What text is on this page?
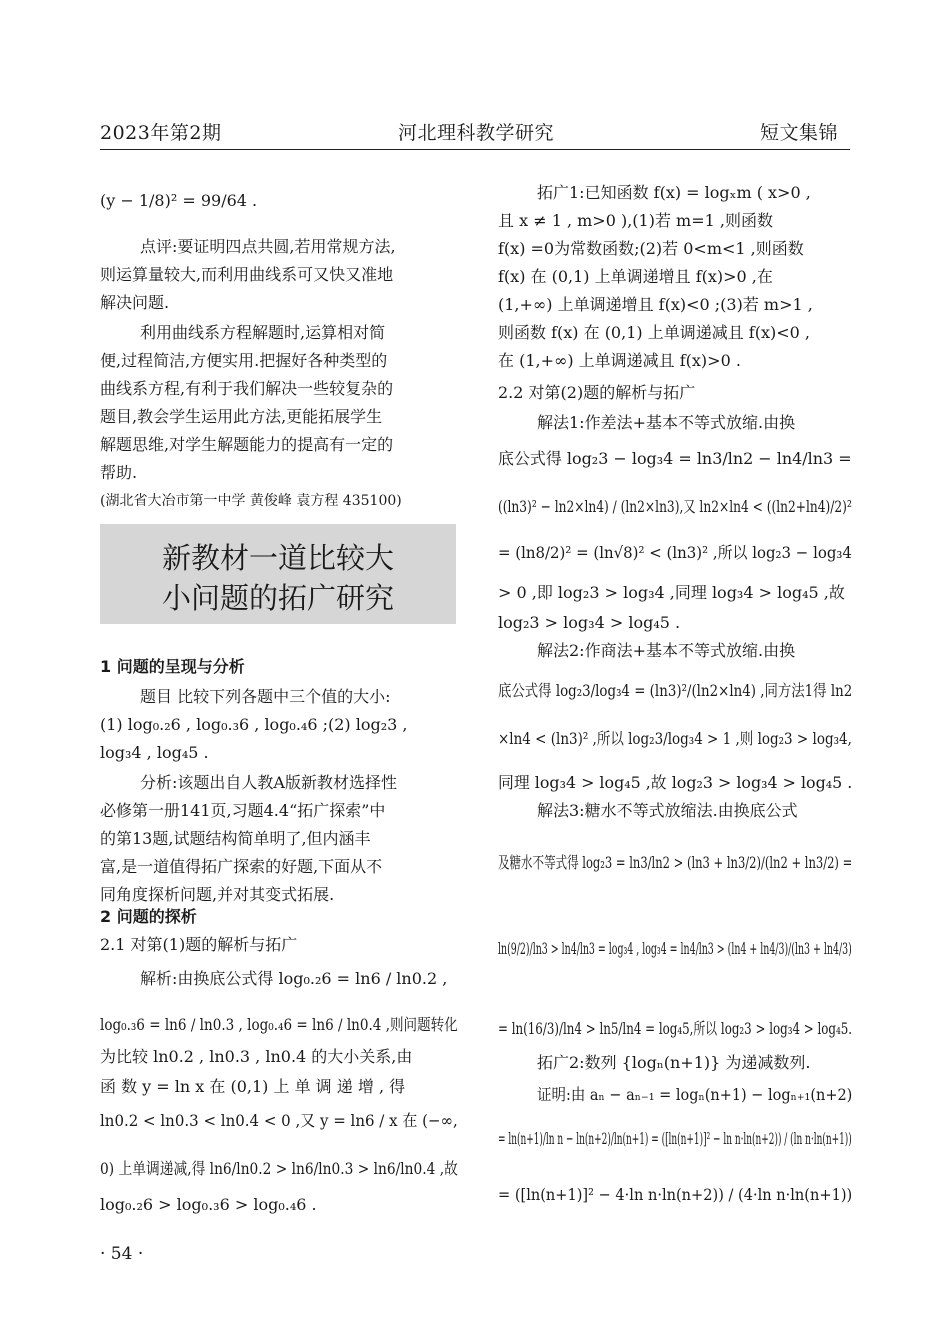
2023年第2期	河北理科教学研究	短文集锦
(y − 1/8)² = 99/64 .
点评:要证明四点共圆,若用常规方法,
则运算量较大,而利用曲线系可又快又准地
解决问题.
利用曲线系方程解题时,运算相对简
便,过程简洁,方便实用.把握好各种类型的
曲线系方程,有利于我们解决一些较复杂的
题目,教会学生运用此方法,更能拓展学生
解题思维,对学生解题能力的提高有一定的
帮助.
(湖北省大冶市第一中学 黄俊峰 袁方程 435100)
新教材一道比较大
小问题的拓广研究
1 问题的呈现与分析
题目 比较下列各题中三个值的大小:
(1) log₀.₂6 , log₀.₃6 , log₀.₄6 ;(2) log₂3 ,
log₃4 , log₄5 .
分析:该题出自人教A版新教材选择性
必修第一册141页,习题4.4“拓广探索”中
的第13题,试题结构简单明了,但内涵丰
富,是一道值得拓广探索的好题,下面从不
同角度探析问题,并对其变式拓展.
2 问题的探析
2.1 对第(1)题的解析与拓广
解析:由换底公式得 log₀.₂6 = ln6 / ln0.2 ,
log₀.₃6 = ln6 / ln0.3 , log₀.₄6 = ln6 / ln0.4 ,则问题转化
为比较 ln0.2 , ln0.3 , ln0.4 的大小关系,由
函 数 y = ln x 在 (0,1) 上 单 调 递 增 , 得
ln0.2 < ln0.3 < ln0.4 < 0 ,又 y = ln6 / x 在 (−∞,
0) 上单调递减,得 ln6/ln0.2 > ln6/ln0.3 > ln6/ln0.4 ,故
log₀.₂6 > log₀.₃6 > log₀.₄6 .
拓广1:已知函数 f(x) = logₓm ( x>0 ,
且 x ≠ 1 , m>0 ),(1)若 m=1 ,则函数
f(x) =0为常数函数;(2)若 0<m<1 ,则函数
f(x) 在 (0,1) 上单调递增且 f(x)>0 ,在
(1,+∞) 上单调递增且 f(x)<0 ;(3)若 m>1 ,
则函数 f(x) 在 (0,1) 上单调递减且 f(x)<0 ,
在 (1,+∞) 上单调递减且 f(x)>0 .
2.2 对第(2)题的解析与拓广
解法1:作差法+基本不等式放缩.由换
底公式得 log₂3 − log₃4 = ln3/ln2 − ln4/ln3 =
((ln3)² − ln2×ln4) / (ln2×ln3),又 ln2×ln4 < ((ln2+ln4)/2)²
= (ln8/2)² = (ln√8)² < (ln3)² ,所以 log₂3 − log₃4
> 0 ,即 log₂3 > log₃4 ,同理 log₃4 > log₄5 ,故
log₂3 > log₃4 > log₄5 .
解法2:作商法+基本不等式放缩.由换
底公式得 log₂3/log₃4 = (ln3)²/(ln2×ln4) ,同方法1得 ln2
×ln4 < (ln3)² ,所以 log₂3/log₃4 > 1 ,则 log₂3 > log₃4,
同理 log₃4 > log₄5 ,故 log₂3 > log₃4 > log₄5 .
解法3:糖水不等式放缩法.由换底公式
及糖水不等式得 log₂3 = ln3/ln2 > (ln3 + ln3/2)/(ln2 + ln3/2) =
ln(9/2)/ln3 > ln4/ln3 = log₃4 , log₃4 = ln4/ln3 > (ln4 + ln4/3)/(ln3 + ln4/3)
= ln(16/3)/ln4 > ln5/ln4 = log₄5,所以 log₂3 > log₃4 > log₄5.
拓广2:数列 {logₙ(n+1)} 为递减数列.
证明:由 aₙ − aₙ₋₁ = logₙ(n+1) − logₙ₊₁(n+2)
= ln(n+1)/ln n − ln(n+2)/ln(n+1) = ([ln(n+1)]² − ln n·ln(n+2)) / (ln n·ln(n+1))
= ([ln(n+1)]² − 4·ln n·ln(n+2)) / (4·ln n·ln(n+1))
· 54 ·
